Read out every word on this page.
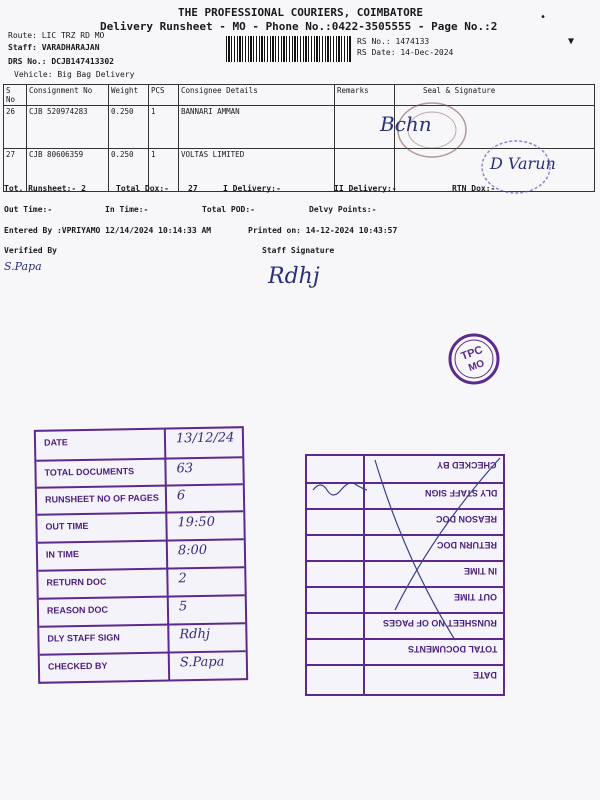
THE PROFESSIONAL COURIERS, COIMBATORE
Delivery Runsheet - MO - Phone No.:0422-3505555 - Page No.:2
Route: LIC TRZ RD MO
Staff: VARADHARAJAN
DRS No.: DCJB147413302
Vehicle: Big Bag Delivery
RS No.: 1474133
RS Date: 14-Dec-2024
•
▼
S No	Consignment No	Weight	PCS	Consignee Details	Remarks	Seal & Signature
26	CJB 520974283	0.250	1	BANNARI AMMAN		
27	CJB 80606359	0.250	1	VOLTAS LIMITED		
Bchn
D Varun
Tot. Runsheet:- 2	Total Dox:- 27	I Delivery:-	II Delivery:-	RTN Dox:-
Out Time:-	In Time:-	Total POD:-	Delvy Points:-
Entered By :VPRIYAMO 12/14/2024 10:14:33 AM	Printed on: 14-12-2024 10:43:57
Verified By	Staff Signature
S.Papa	Rdhj
TPC
MO
DATE	13/12/24
TOTAL DOCUMENTS	63
RUNSHEET NO OF PAGES 6
OUT TIME	19:50
IN TIME	8:00
RETURN DOC	2
REASON DOC	5
DLY STAFF SIGN	Rdhj
CHECKED BY	S.Papa
CHECKED BY
DLY STAFF SIGN
REASON DOC
RETURN DOC
IN TIME
OUT TIME
RUNSHEET NO OF PAGES
TOTAL DOCUMENTS
DATE
